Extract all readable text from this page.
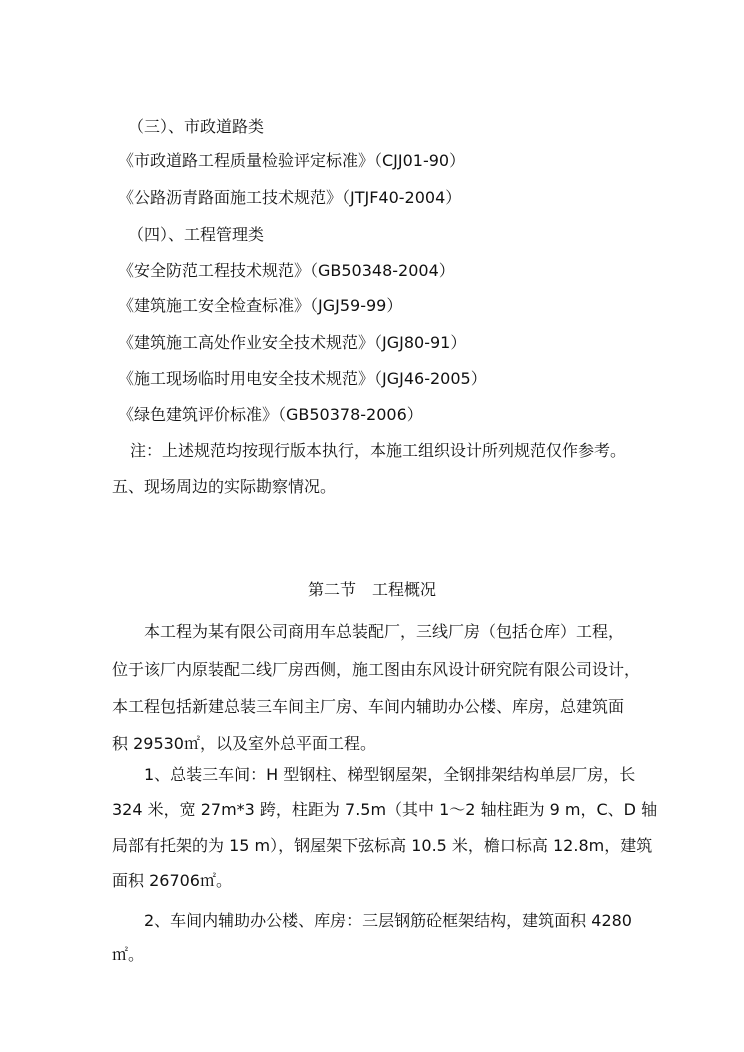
（三）、市政道路类
《市政道路工程质量检验评定标准》（CJJ01-90）
《公路沥青路面施工技术规范》（JTJF40-2004）
（四）、工程管理类
《安全防范工程技术规范》（GB50348-2004）
《建筑施工安全检查标准》（JGJ59-99）
《建筑施工高处作业安全技术规范》（JGJ80-91）
《施工现场临时用电安全技术规范》（JGJ46-2005）
《绿色建筑评价标准》（GB50378-2006）
注：上述规范均按现行版本执行，本施工组织设计所列规范仅作参考。
五、现场周边的实际勘察情况。
第二节　工程概况
　　本工程为某有限公司商用车总装配厂，三线厂房（包括仓库）工程，
位于该厂内原装配二线厂房西侧，施工图由东风设计研究院有限公司设计，
本工程包括新建总装三车间主厂房、车间内辅助办公楼、库房，总建筑面
积 29530㎡，以及室外总平面工程。
　　1、总装三车间：H 型钢柱、梯型钢屋架，全钢排架结构单层厂房，长
324 米，宽 27m*3 跨，柱距为 7.5m（其中 1～2 轴柱距为 9 m，C、D 轴
局部有托架的为 15 m），钢屋架下弦标高 10.5 米，檐口标高 12.8m，建筑
面积 26706㎡。
　　2、车间内辅助办公楼、库房：三层钢筋砼框架结构，建筑面积 4280
㎡。
